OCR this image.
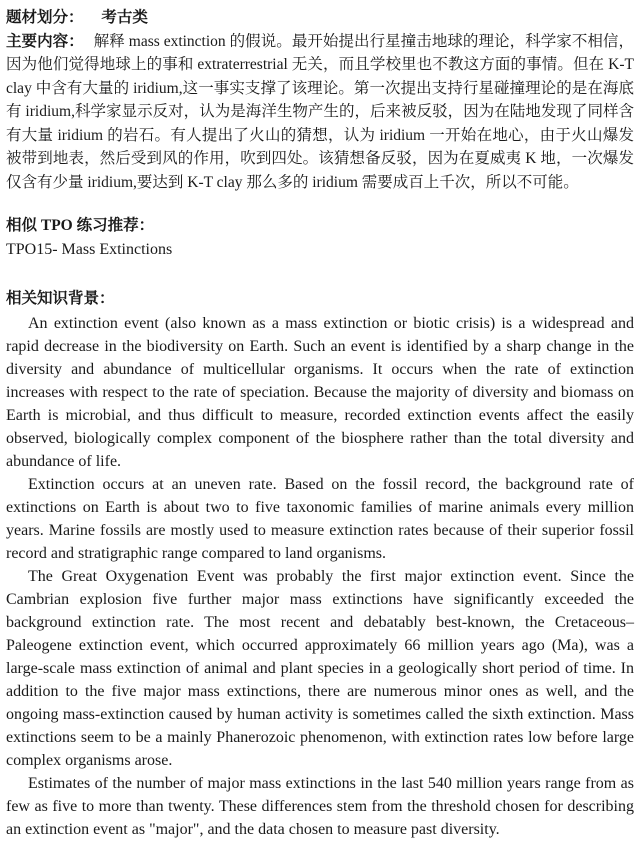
题材划分： 考古类

主要内容： 解释 mass extinction 的假说。最开始提出行星撞击地球的理论，科学家不相信，因为他们觉得地球上的事和 extraterrestrial 无关，而且学校里也不教这方面的事情。但在 K-T clay 中含有大量的 iridium,这一事实支撑了该理论。第一次提出支持行星碰撞理论的是在海底有 iridium,科学家显示反对，认为是海洋生物产生的，后来被反驳，因为在陆地发现了同样含有大量 iridium 的岩石。有人提出了火山的猜想，认为 iridium 一开始在地心，由于火山爆发被带到地表，然后受到风的作用，吹到四处。该猜想备反驳，因为在夏威夷 K 地，一次爆发仅含有少量 iridium,要达到 K-T clay 那么多的 iridium 需要成百上千次，所以不可能。

相似 TPO 练习推荐：

TPO15- Mass Extinctions

相关知识背景：

An extinction event (also known as a mass extinction or biotic crisis) is a widespread and rapid decrease in the biodiversity on Earth. Such an event is identified by a sharp change in the diversity and abundance of multicellular organisms. It occurs when the rate of extinction increases with respect to the rate of speciation. Because the majority of diversity and biomass on Earth is microbial, and thus difficult to measure, recorded extinction events affect the easily observed, biologically complex component of the biosphere rather than the total diversity and abundance of life.

Extinction occurs at an uneven rate. Based on the fossil record, the background rate of extinctions on Earth is about two to five taxonomic families of marine animals every million years. Marine fossils are mostly used to measure extinction rates because of their superior fossil record and stratigraphic range compared to land organisms.

The Great Oxygenation Event was probably the first major extinction event. Since the Cambrian explosion five further major mass extinctions have significantly exceeded the background extinction rate. The most recent and debatably best-known, the Cretaceous–Paleogene extinction event, which occurred approximately 66 million years ago (Ma), was a large-scale mass extinction of animal and plant species in a geologically short period of time. In addition to the five major mass extinctions, there are numerous minor ones as well, and the ongoing mass-extinction caused by human activity is sometimes called the sixth extinction. Mass extinctions seem to be a mainly Phanerozoic phenomenon, with extinction rates low before large complex organisms arose.

Estimates of the number of major mass extinctions in the last 540 million years range from as few as five to more than twenty. These differences stem from the threshold chosen for describing an extinction event as "major", and the data chosen to measure past diversity.
